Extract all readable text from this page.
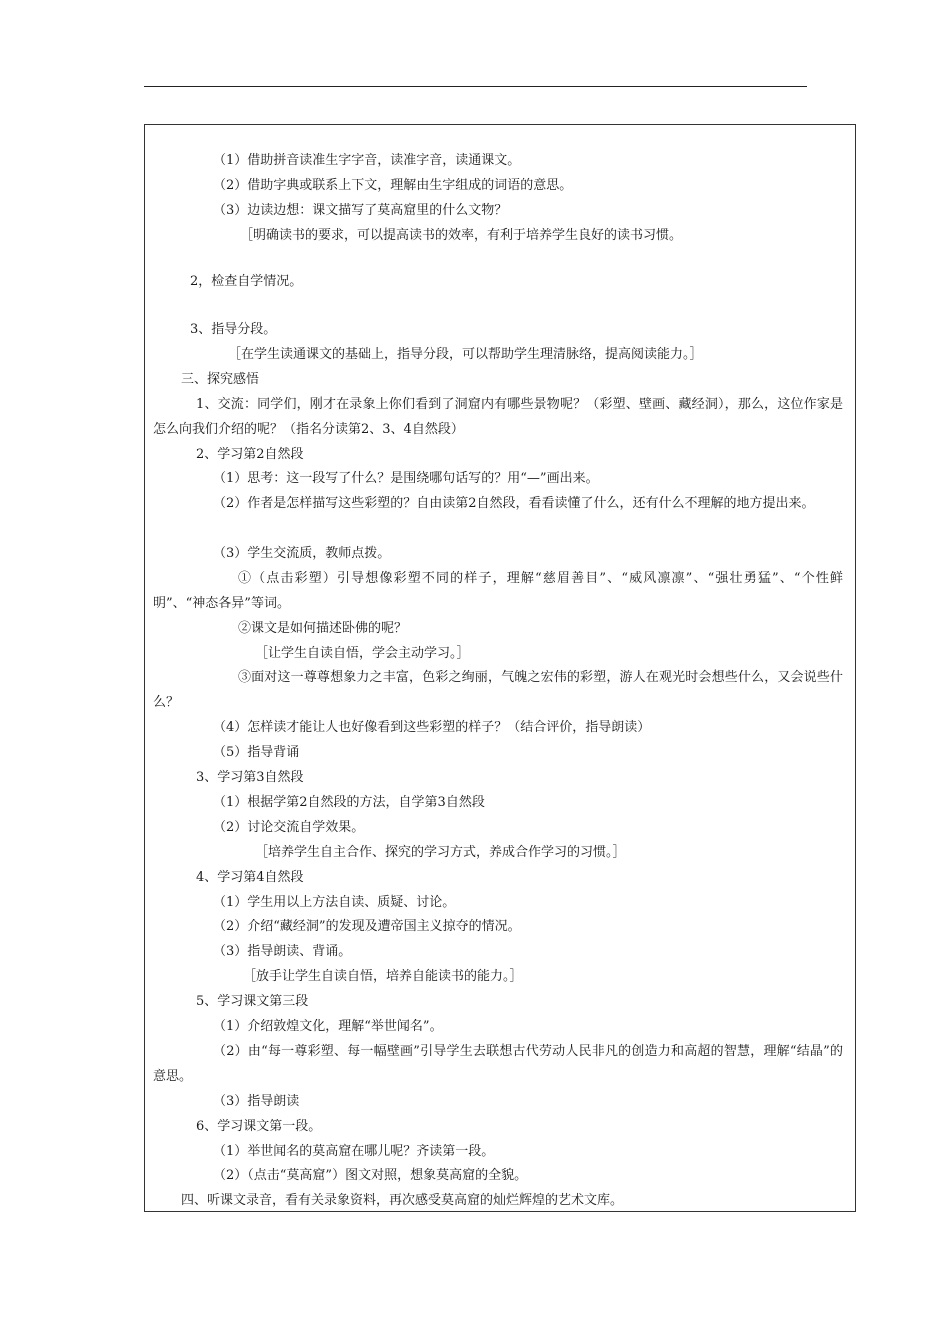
（1）借助拼音读准生字字音，读准字音，读通课文。
（2）借助字典或联系上下文，理解由生字组成的词语的意思。
（3）边读边想：课文描写了莫高窟里的什么文物？
［明确读书的要求，可以提高读书的效率，有利于培养学生良好的读书习惯。
2，检查自学情况。
3、指导分段。
［在学生读通课文的基础上，指导分段，可以帮助学生理清脉络，提高阅读能力。］
三、探究感悟
2、学习第2自然段
（1）思考：这一段写了什么？是围绕哪句话写的？用“—”画出来。
（3）学生交流质，教师点拨。
②课文是如何描述卧佛的呢？
［让学生自读自悟，学会主动学习。］
（4）怎样读才能让人也好像看到这些彩塑的样子？（结合评价，指导朗读）
（5）指导背诵
3、学习第3自然段
（1）根据学第2自然段的方法，自学第3自然段
（2）讨论交流自学效果。
［培养学生自主合作、探究的学习方式，养成合作学习的习惯。］
4、学习第4自然段
（1）学生用以上方法自读、质疑、讨论。
（2）介绍“藏经洞”的发现及遭帝国主义掠夺的情况。
（3）指导朗读、背诵。
［放手让学生自读自悟，培养自能读书的能力。］
5、学习课文第三段
（1）介绍敦煌文化，理解“举世闻名”。
（3）指导朗读
6、学习课文第一段。
（1）举世闻名的莫高窟在哪儿呢？齐读第一段。
（2）（点击“莫高窟”）图文对照，想象莫高窟的全貌。
四、听课文录音，看有关录象资料，再次感受莫高窟的灿烂辉煌的艺术文库。
1、交流：同学们，刚才在录象上你们看到了洞窟内有哪些景物呢？（彩塑、壁画、藏经洞），那么，这位作家是怎么向我们介绍的呢？（指名分读第2、3、4自然段）
（2）作者是怎样描写这些彩塑的？自由读第2自然段，看看读懂了什么，还有什么不理解的地方提出来。
①（点击彩塑）引导想像彩塑不同的样子，理解“慈眉善目”、“威风凛凛”、“强壮勇猛”、“个性鲜明”、“神态各异”等词。
③面对这一尊尊想象力之丰富，色彩之绚丽，气魄之宏伟的彩塑，游人在观光时会想些什么，又会说些什么？
（2）由“每一尊彩塑、每一幅壁画”引导学生去联想古代劳动人民非凡的创造力和高超的智慧，理解“结晶”的意思。
